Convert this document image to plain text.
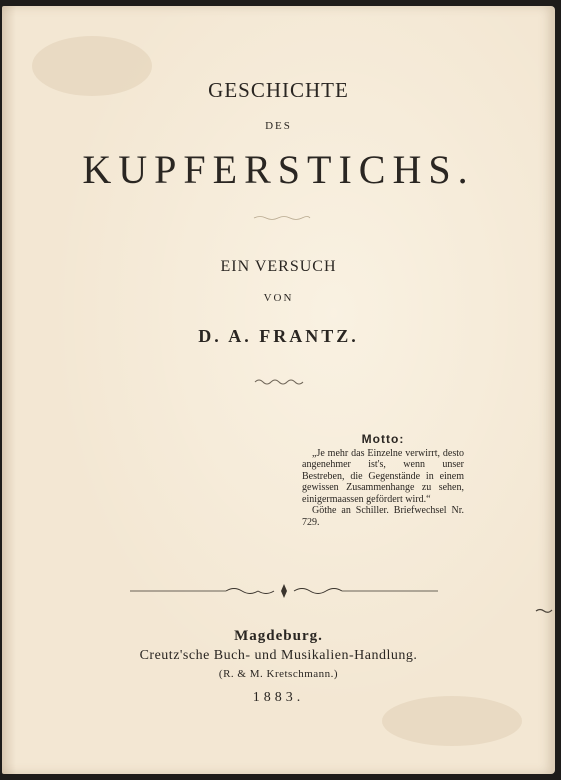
GESCHICHTE

DES

KUPFERSTICHS.

EIN VERSUCH

VON

D. A. FRANTZ.

Motto:
„Je mehr das Einzelne verwirrt, desto angenehmer ist's, wenn unser Bestreben, die Gegenstände in einem gewissen Zusammenhange zu sehen, einigermaassen gefördert wird.“
Göthe an Schiller. Briefwechsel Nr. 729.

Magdeburg.

Creutz'sche Buch- und Musikalien-Handlung.

(R. & M. Kretschmann.)

1883.
